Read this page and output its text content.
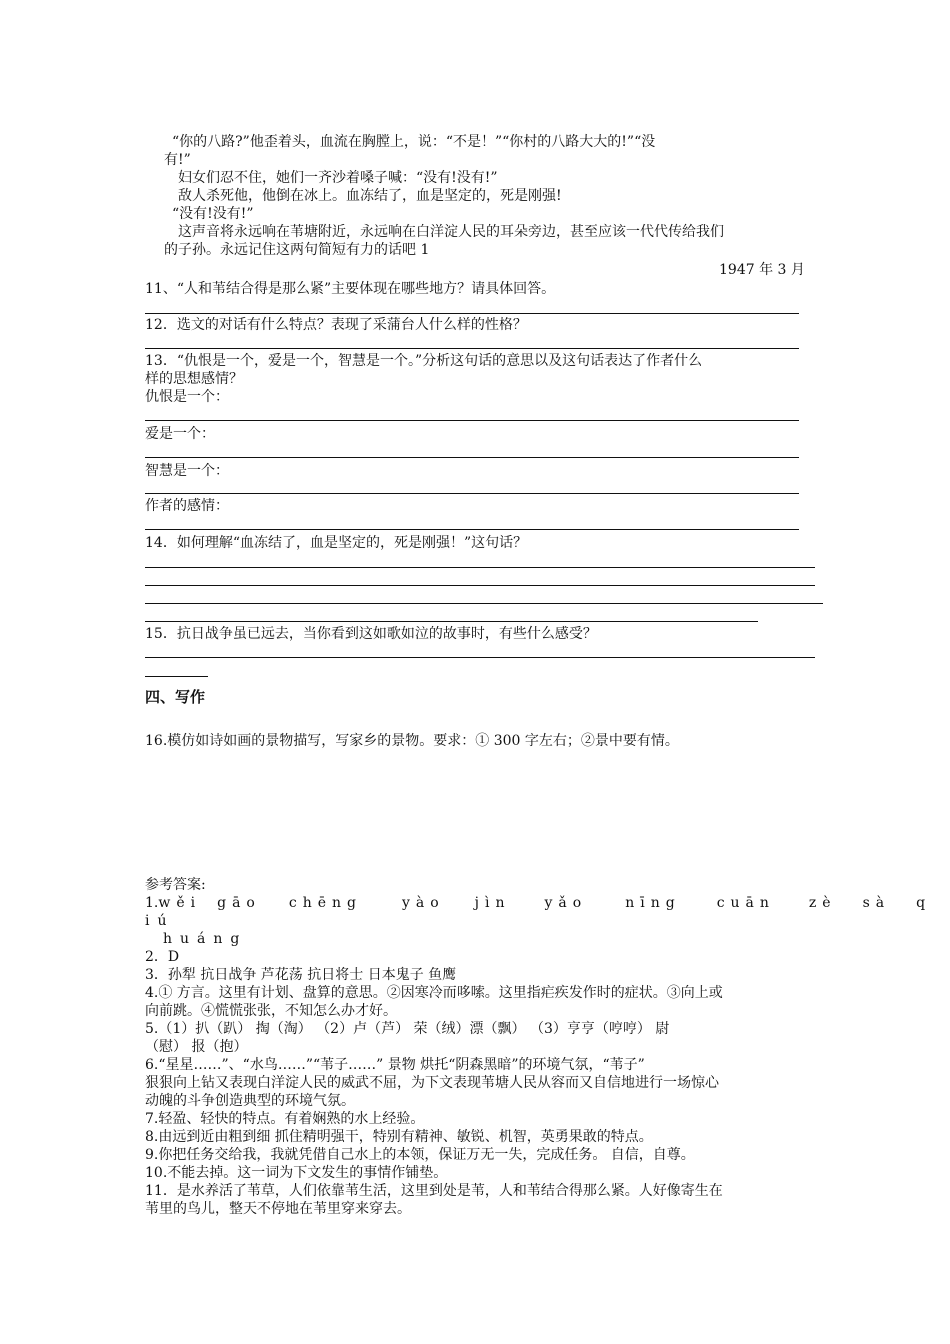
“你的八路?”他歪着头，血流在胸膛上，说：“不是！”“你村的八路大大的!”“没
有!”
妇女们忍不住，她们一齐沙着嗓子喊：“没有!没有!”
敌人杀死他，他倒在冰上。血冻结了，血是坚定的，死是刚强!
“没有!没有!”
这声音将永远响在苇塘附近，永远响在白洋淀人民的耳朵旁边，甚至应该一代代传给我们
的子孙。永远记住这两句简短有力的话吧 1
1947 年 3 月
11、“人和苇结合得是那么紧”主要体现在哪些地方？请具体回答。
12．选文的对话有什么特点？表现了采蒲台人什么样的性格？
13．“仇恨是一个，爱是一个，智慧是一个。”分析这句话的意思以及这句话表达了作者什么
样的思想感情？
仇恨是一个：
爱是一个：
智慧是一个：
作者的感情：
14．如何理解“血冻结了，血是坚定的，死是刚强！”这句话？
15．抗日战争虽已远去，当你看到这如歌如泣的故事时，有些什么感受？
四、写作
16.模仿如诗如画的景物描写，写家乡的景物。要求：① 300 字左右；②景中要有情。
参考答案:
1.wěi gāo chēng	yào jìn yǎo	nīng	cuān zè sà q
iú
huáng
2．D
3．孙犁 抗日战争 芦花荡 抗日将士 日本鬼子 鱼鹰
4.① 方言。这里有计划、盘算的意思。②因寒冷而哆嗦。这里指疟疾发作时的症状。③向上或
向前跳。④慌慌张张，不知怎么办才好。
5.（1）扒（趴） 掏（淘） （2）卢（芦） 荣（绒）漂（飘） （3）亨亨（哼哼） 尉
（慰） 报（抱）
6.“星星……”、“水鸟……”“苇子……” 景物 烘托“阴森黑暗”的环境气氛，“苇子”
狠狠向上钻又表现白洋淀人民的威武不屈，为下文表现苇塘人民从容而又自信地进行一场惊心
动魄的斗争创造典型的环境气氛。
7.轻盈、轻快的特点。有着娴熟的水上经验。
8.由远到近由粗到细 抓住精明强干，特别有精神、敏锐、机智，英勇果敢的特点。
9.你把任务交给我，我就凭借自己水上的本领，保证万无一失，完成任务。 自信，自尊。
10.不能去掉。这一词为下文发生的事情作铺垫。
11．是水养活了苇草，人们依靠苇生活，这里到处是苇，人和苇结合得那么紧。人好像寄生在
苇里的鸟儿，整天不停地在苇里穿来穿去。
